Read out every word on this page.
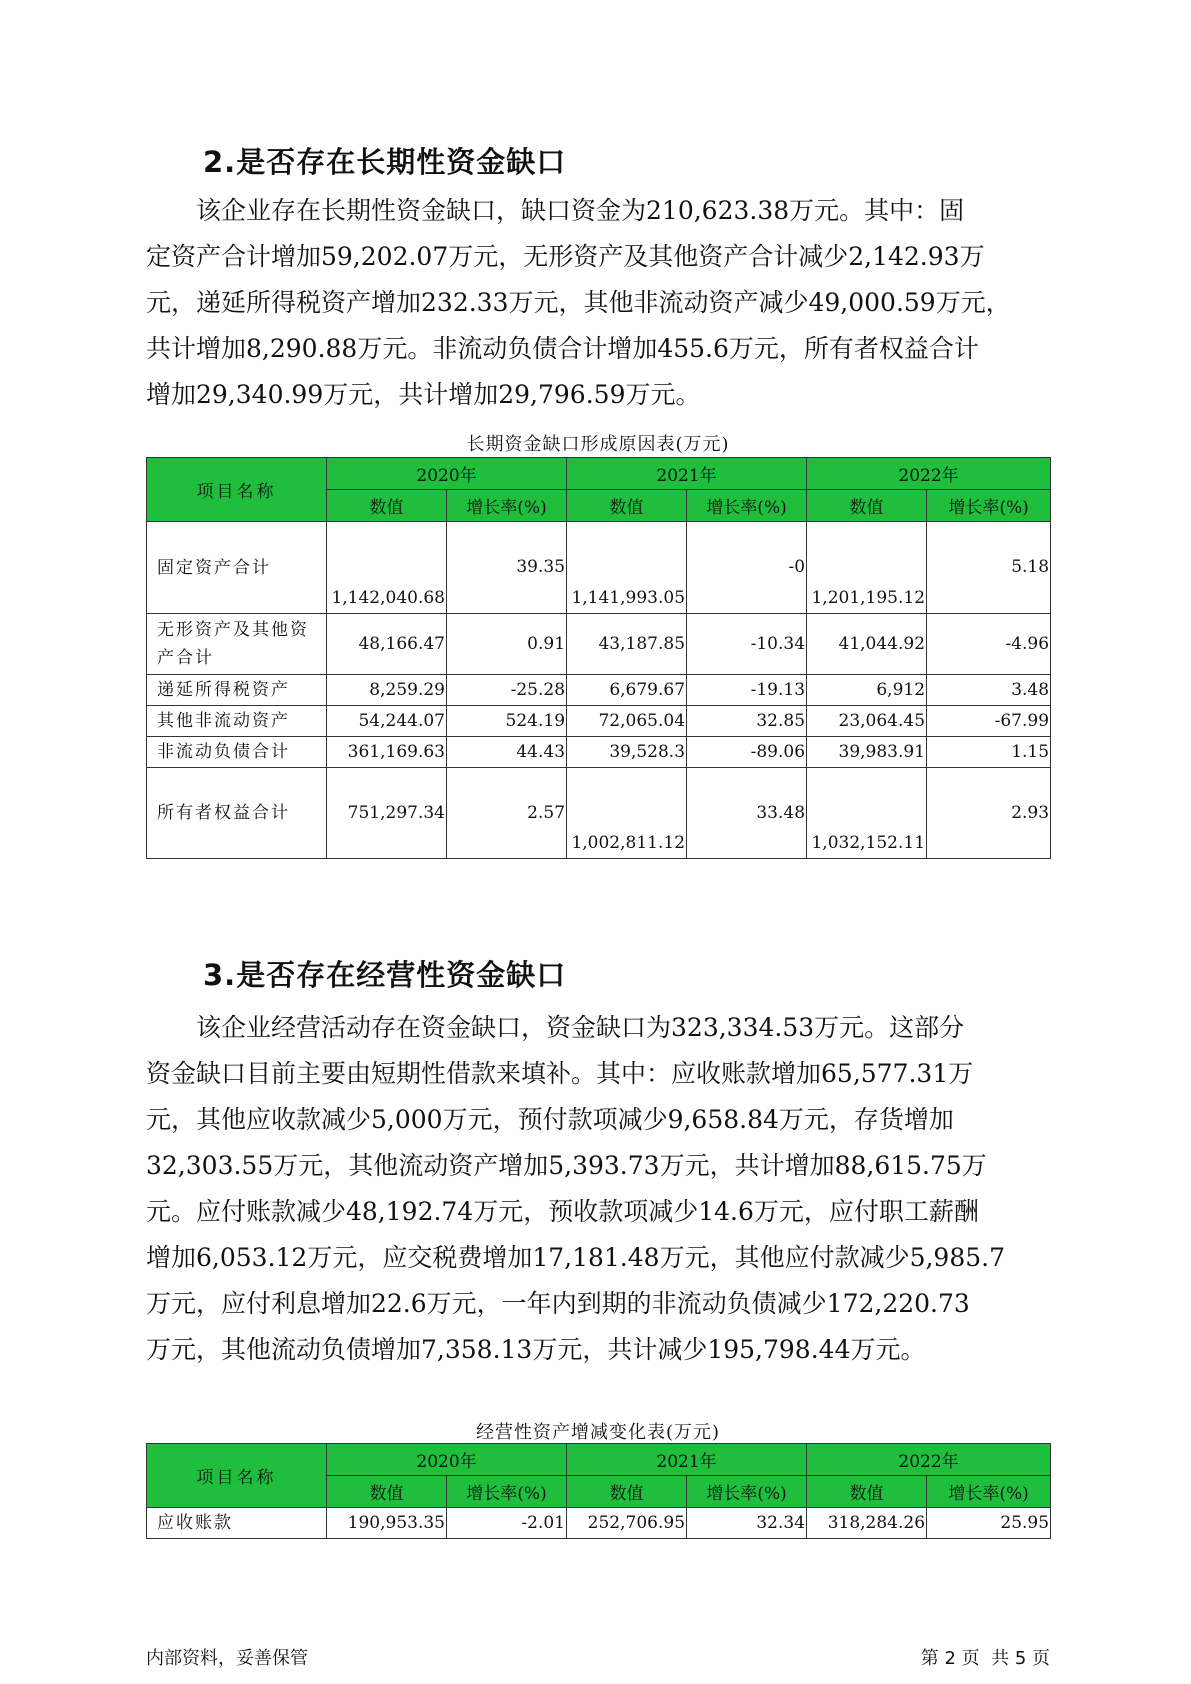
2.是否存在长期性资金缺口
该企业存在长期性资金缺口，缺口资金为210,623.38万元。其中：固
定资产合计增加59,202.07万元，无形资产及其他资产合计减少2,142.93万
元，递延所得税资产增加232.33万元，其他非流动资产减少49,000.59万元，
共计增加8,290.88万元。非流动负债合计增加455.6万元，所有者权益合计
增加29,340.99万元，共计增加29,796.59万元。
长期资金缺口形成原因表(万元)
项目名称	2020年		2021年		2022年	
	数值	增长率(%)	数值	增长率(%)	数值	增长率(%)
固定资产合计	1,142,040.68	39.35	1,141,993.05	-0	1,201,195.12	5.18
无形资产及其他资产合计	48,166.47	0.91	43,187.85	-10.34	41,044.92	-4.96
递延所得税资产	8,259.29	-25.28	6,679.67	-19.13	6,912	3.48
其他非流动资产	54,244.07	524.19	72,065.04	32.85	23,064.45	-67.99
非流动负债合计	361,169.63	44.43	39,528.3	-89.06	39,983.91	1.15
所有者权益合计	751,297.34	2.57	1,002,811.12	33.48	1,032,152.11	2.93
3.是否存在经营性资金缺口
该企业经营活动存在资金缺口，资金缺口为323,334.53万元。这部分
资金缺口目前主要由短期性借款来填补。其中：应收账款增加65,577.31万
元，其他应收款减少5,000万元，预付款项减少9,658.84万元，存货增加
32,303.55万元，其他流动资产增加5,393.73万元，共计增加88,615.75万
元。应付账款减少48,192.74万元，预收款项减少14.6万元，应付职工薪酬
增加6,053.12万元，应交税费增加17,181.48万元，其他应付款减少5,985.7
万元，应付利息增加22.6万元，一年内到期的非流动负债减少172,220.73
万元，其他流动负债增加7,358.13万元，共计减少195,798.44万元。
经营性资产增减变化表(万元)
项目名称	2020年		2021年		2022年	
	数值	增长率(%)	数值	增长率(%)	数值	增长率(%)
应收账款	190,953.35	-2.01	252,706.95	32.34	318,284.26	25.95
内部资料，妥善保管	第 2 页  共 5 页
